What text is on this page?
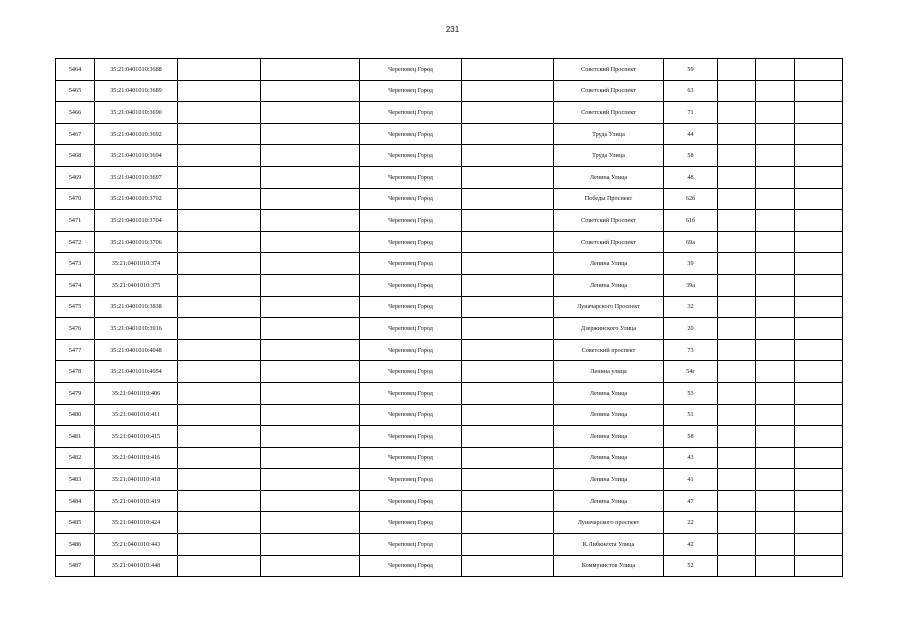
231
5464	35:21:0401010:3688			Череповец Город		Советский Проспект	59			
5465	35:21:0401010:3689			Череповец Город		Советский Проспект	63			
5466	35:21:0401010:3690			Череповец Город		Советский Проспект	71			
5467	35:21:0401010:3692			Череповец Город		Труда Улица	44			
5468	35:21:0401010:3694			Череповец Город		Труда Улица	58			
5469	35:21:0401010:3697			Череповец Город		Ленина Улица	48			
5470	35:21:0401010:3702			Череповец Город		Победы Проспект	62б			
5471	35:21:0401010:3704			Череповец Город		Советский Проспект	61б			
5472	35:21:0401010:3706			Череповец Город		Советский Проспект	69а			
5473	35:21:0401010:374			Череповец Город		Ленина Улица	39			
5474	35:21:0401010:375			Череповец Город		Ленина Улица	39а			
5475	35:21:0401010:3838			Череповец Город		Луначарского Проспект	32			
5476	35:21:0401010:3916			Череповец Город		Дзержинского Улица	20			
5477	35:21:0401010:4048			Череповец Город		Советский проспект	73			
5478	35:21:0401010:4054			Череповец Город		Ленина улица	54г			
5479	35:21:0401010:406			Череповец Город		Ленина Улица	53			
5480	35:21:0401010:411			Череповец Город		Ленина Улица	51			
5481	35:21:0401010:415			Череповец Город		Ленина Улица	58			
5482	35:21:0401010:416			Череповец Город		Ленина Улица	43			
5483	35:21:0401010:418			Череповец Город		Ленина Улица	41			
5484	35:21:0401010:419			Череповец Город		Ленина Улица	47			
5485	35:21:0401010:424			Череповец Город		Луначарского проспект	22			
5486	35:21:0401010:443			Череповец Город		К.Либкнехта Улица	42			
5487	35:21:0401010:448			Череповец Город		Коммунистов Улица	52			
